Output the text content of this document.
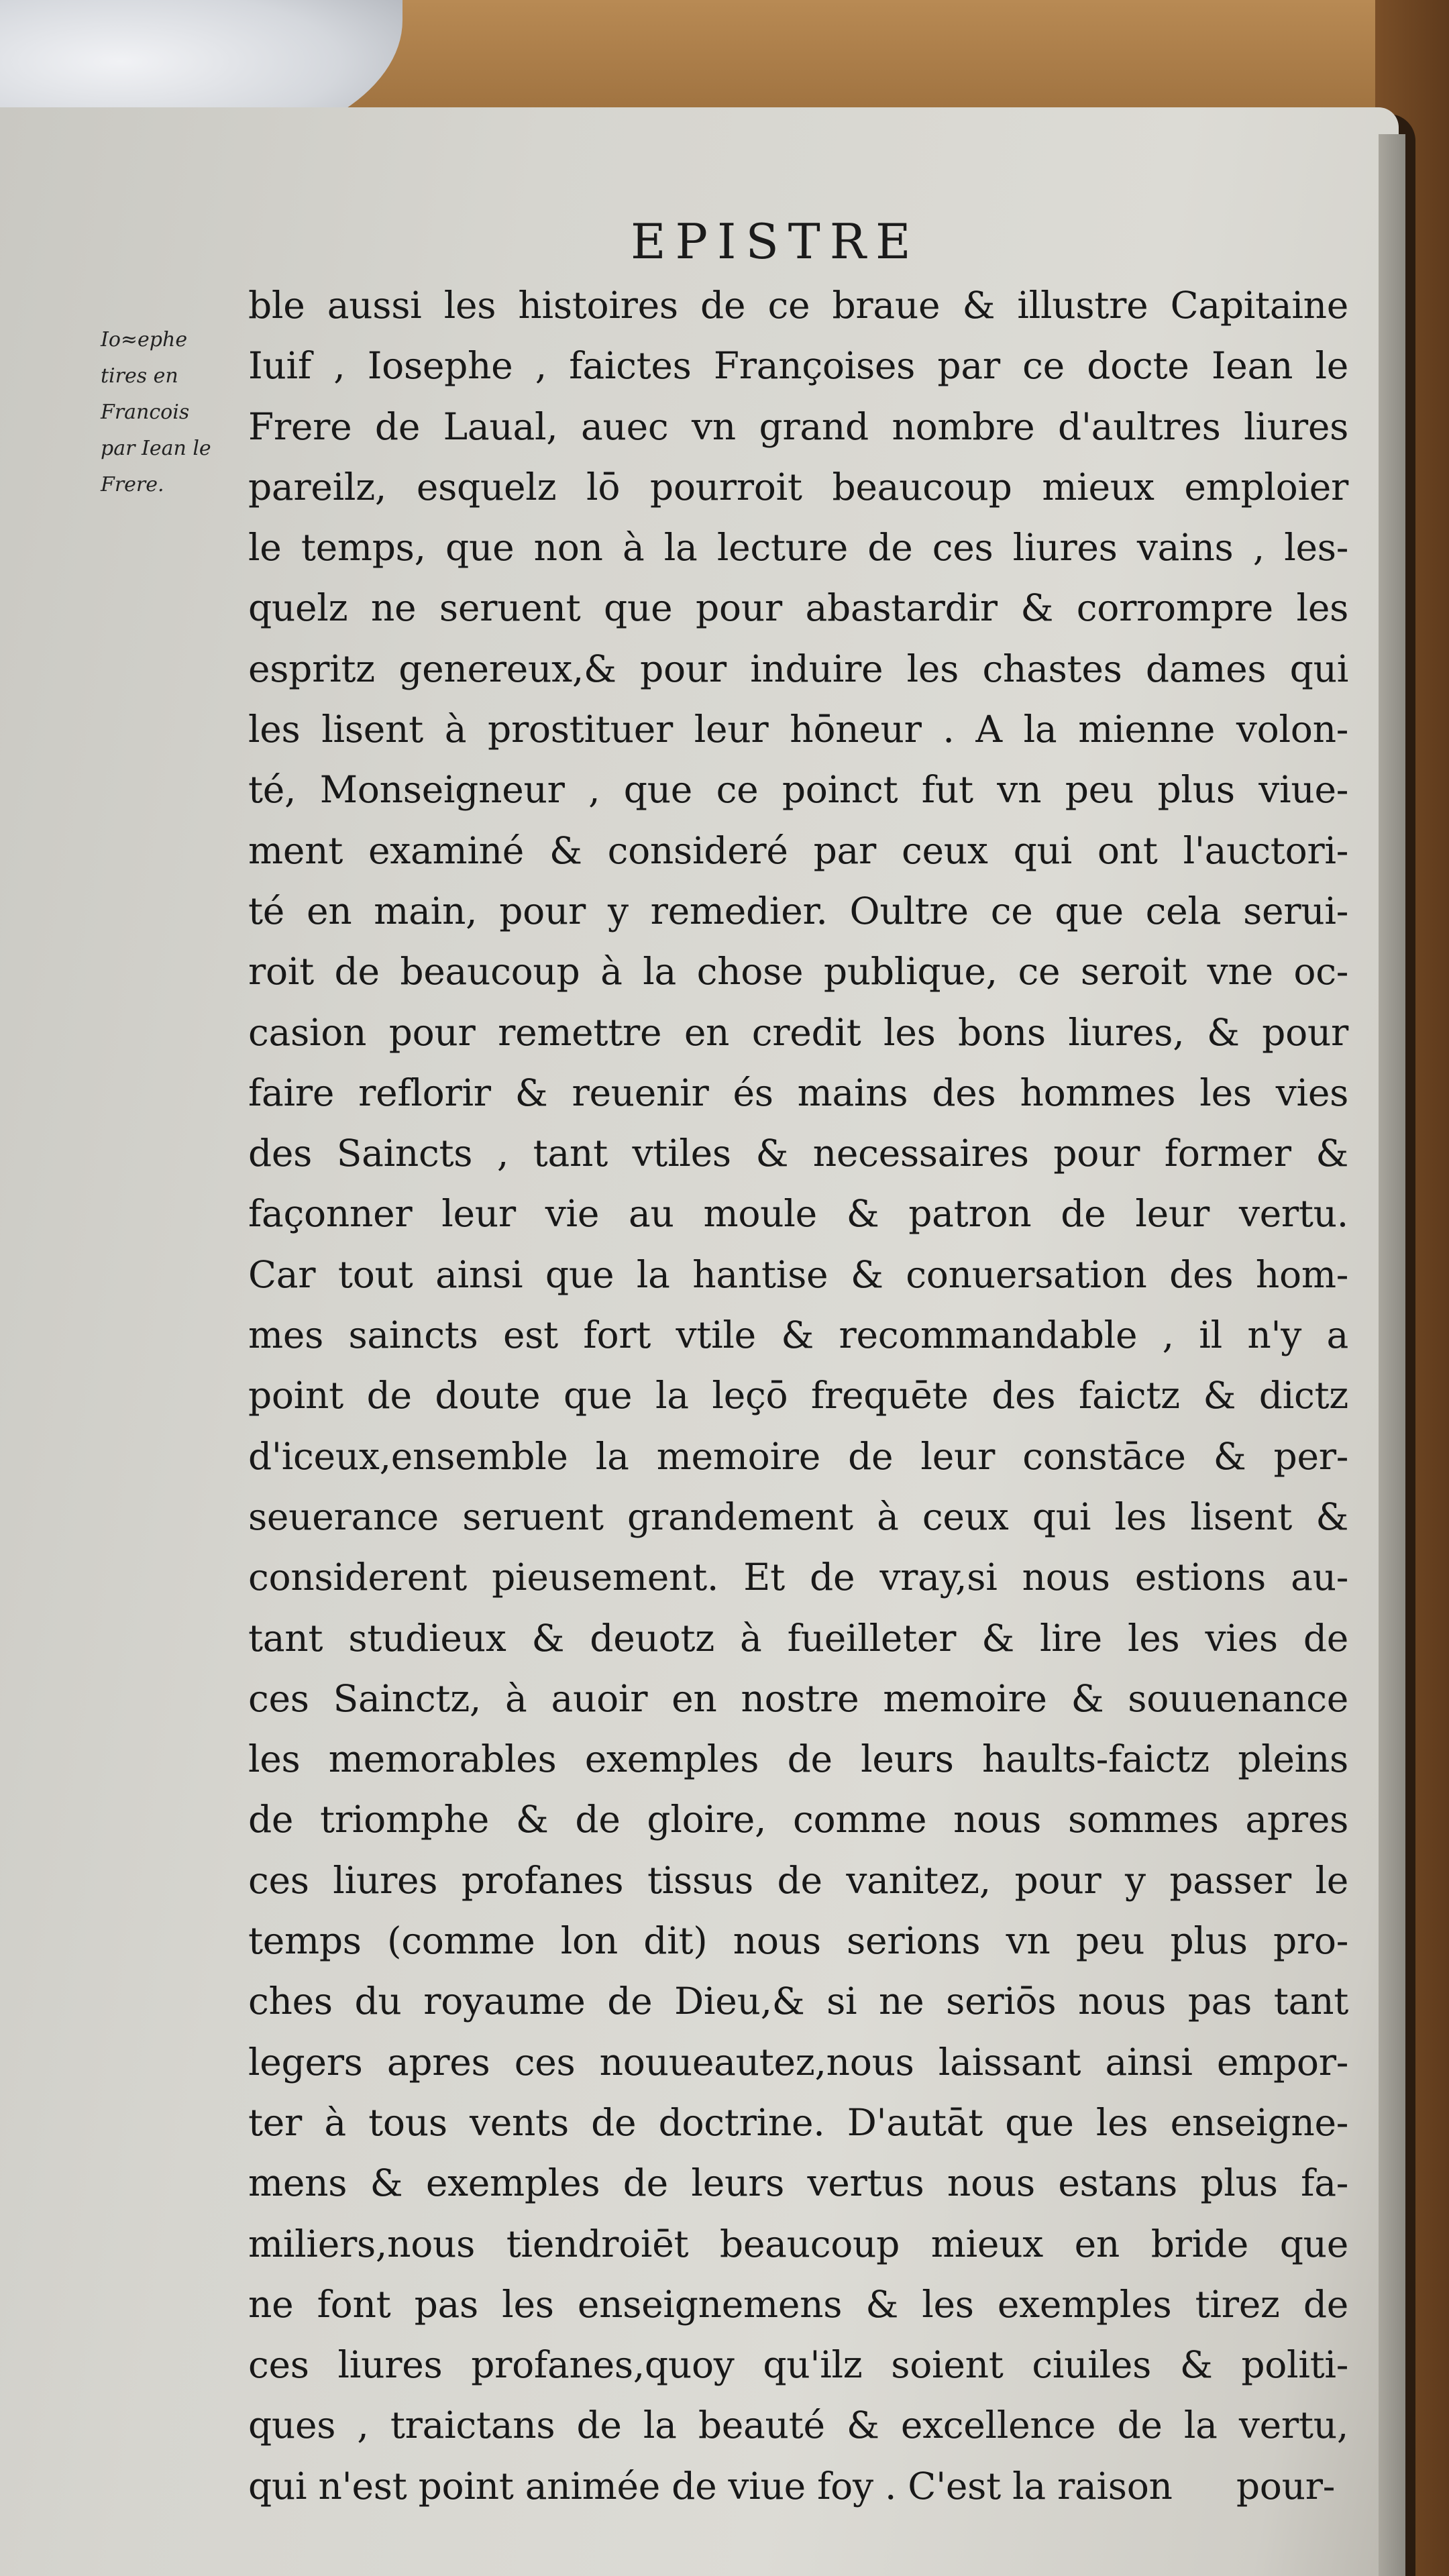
EPISTRE
Io≈ephe
tires en
Francois
par Iean le
Frere.
ble aussi les histoires de ce braue & illustre Capitaine
Iuif , Iosephe , faictes Françoises par ce docte Iean le
Frere de Laual, auec vn grand nombre d'aultres liures
pareilz, esquelz lō pourroit beaucoup mieux emploier
le temps, que non à la lecture de ces liures vains , les-
quelz ne seruent que pour abastardir & corrompre les
espritz genereux,& pour induire les chastes dames qui
les lisent à prostituer leur hōneur . A la mienne volon-
té, Monseigneur , que ce poinct fut vn peu plus viue-
ment examiné & consideré par ceux qui ont l'auctori-
té en main, pour y remedier. Oultre ce que cela serui-
roit de beaucoup à la chose publique, ce seroit vne oc-
casion pour remettre en credit les bons liures, & pour
faire reflorir & reuenir és mains des hommes les vies
des Saincts , tant vtiles & necessaires pour former &
façonner leur vie au moule & patron de leur vertu.
Car tout ainsi que la hantise & conuersation des hom-
mes saincts est fort vtile & recommandable , il n'y a
point de doute que la leçō frequēte des faictz & dictz
d'iceux,ensemble la memoire de leur constāce & per-
seuerance seruent grandement à ceux qui les lisent &
considerent pieusement. Et de vray,si nous estions au-
tant studieux & deuotz à fueilleter & lire les vies de
ces Sainctz, à auoir en nostre memoire & souuenance
les memorables exemples de leurs haults-faictz pleins
de triomphe & de gloire, comme nous sommes apres
ces liures profanes tissus de vanitez, pour y passer le
temps (comme lon dit) nous serions vn peu plus pro-
ches du royaume de Dieu,& si ne seriōs nous pas tant
legers apres ces nouueautez,nous laissant ainsi empor-
ter à tous vents de doctrine. D'autāt que les enseigne-
mens & exemples de leurs vertus nous estans plus fa-
miliers,nous tiendroiēt beaucoup mieux en bride que
ne font pas les enseignemens & les exemples tirez de
ces liures profanes,quoy qu'ilz soient ciuiles & politi-
ques , traictans de la beauté & excellence de la vertu,
qui n'est point animée de viue foy . C'est la raison pour-
